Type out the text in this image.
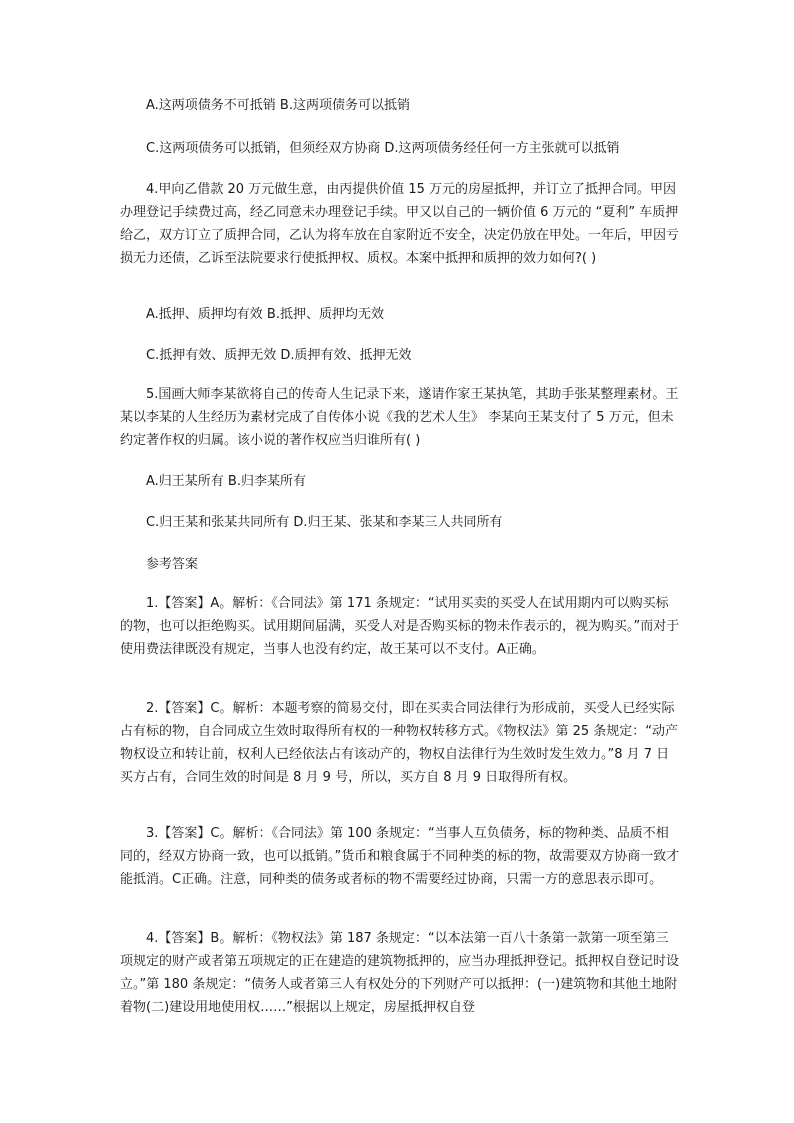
A.这两项债务不可抵销 B.这两项债务可以抵销
C.这两项债务可以抵销，但须经双方协商 D.这两项债务经任何一方主张就可以抵销
4.甲向乙借款 20 万元做生意，由丙提供价值 15 万元的房屋抵押，并订立了抵押合同。甲因办理登记手续费过高，经乙同意未办理登记手续。甲又以自己的一辆价值 6 万元的 “夏利” 车质押给乙，双方订立了质押合同，乙认为将车放在自家附近不安全，决定仍放在甲处。一年后，甲因亏损无力还债，乙诉至法院要求行使抵押权、质权。本案中抵押和质押的效力如何?( )
A.抵押、质押均有效 B.抵押、质押均无效
C.抵押有效、质押无效 D.质押有效、抵押无效
5.国画大师李某欲将自己的传奇人生记录下来，遂请作家王某执笔，其助手张某整理素材。王某以李某的人生经历为素材完成了自传体小说《我的艺术人生》 李某向王某支付了 5 万元，但未约定著作权的归属。该小说的著作权应当归谁所有( )
A.归王某所有 B.归李某所有
C.归王某和张某共同所有 D.归王某、张某和李某三人共同所有
参考答案
1.【答案】A。解析：《合同法》第 171 条规定：“试用买卖的买受人在试用期内可以购买标的物，也可以拒绝购买。试用期间届满，买受人对是否购买标的物未作表示的，视为购买。”而对于使用费法律既没有规定，当事人也没有约定，故王某可以不支付。A正确。
2.【答案】C。解析：本题考察的简易交付，即在买卖合同法律行为形成前，买受人已经实际占有标的物，自合同成立生效时取得所有权的一种物权转移方式。《物权法》第 25 条规定：“动产物权设立和转让前，权利人已经依法占有该动产的，物权自法律行为生效时发生效力。”8 月 7 日买方占有，合同生效的时间是 8 月 9 号，所以，买方自 8 月 9 日取得所有权。
3.【答案】C。解析：《合同法》第 100 条规定：“当事人互负债务，标的物种类、品质不相同的，经双方协商一致，也可以抵销。”货币和粮食属于不同种类的标的物，故需要双方协商一致才能抵消。C正确。注意，同种类的债务或者标的物不需要经过协商，只需一方的意思表示即可。
4.【答案】B。解析：《物权法》第 187 条规定：“以本法第一百八十条第一款第一项至第三项规定的财产或者第五项规定的正在建造的建筑物抵押的，应当办理抵押登记。抵押权自登记时设立。”第 180 条规定：“债务人或者第三人有权处分的下列财产可以抵押：(一)建筑物和其他土地附着物(二)建设用地使用权……”根据以上规定，房屋抵押权自登
